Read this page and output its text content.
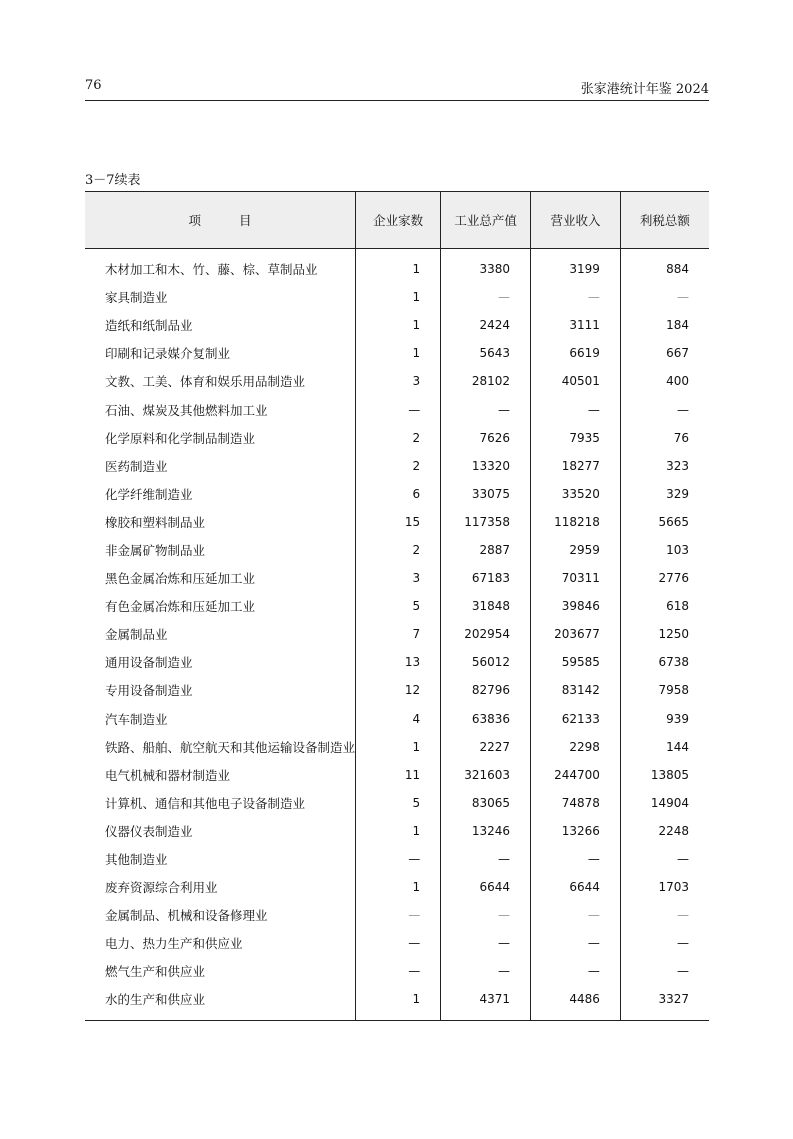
76	张家港统计年鉴 2024
3－7续表
项目	企业家数	工业总产值	营业收入	利税总额
木材加工和木、竹、藤、棕、草制品业	1	3380	3199	884
家具制造业	1	—	—	—
造纸和纸制品业	1	2424	3111	184
印刷和记录媒介复制业	1	5643	6619	667
文教、工美、体育和娱乐用品制造业	3	28102	40501	400
石油、煤炭及其他燃料加工业	—	—	—	—
化学原料和化学制品制造业	2	7626	7935	76
医药制造业	2	13320	18277	323
化学纤维制造业	6	33075	33520	329
橡胶和塑料制品业	15	117358	118218	5665
非金属矿物制品业	2	2887	2959	103
黑色金属冶炼和压延加工业	3	67183	70311	2776
有色金属冶炼和压延加工业	5	31848	39846	618
金属制品业	7	202954	203677	1250
通用设备制造业	13	56012	59585	6738
专用设备制造业	12	82796	83142	7958
汽车制造业	4	63836	62133	939
铁路、船舶、航空航天和其他运输设备制造业	1	2227	2298	144
电气机械和器材制造业	11	321603	244700	13805
计算机、通信和其他电子设备制造业	5	83065	74878	14904
仪器仪表制造业	1	13246	13266	2248
其他制造业	—	—	—	—
废弃资源综合利用业	1	6644	6644	1703
金属制品、机械和设备修理业	—	—	—	—
电力、热力生产和供应业	—	—	—	—
燃气生产和供应业	—	—	—	—
水的生产和供应业	1	4371	4486	3327
